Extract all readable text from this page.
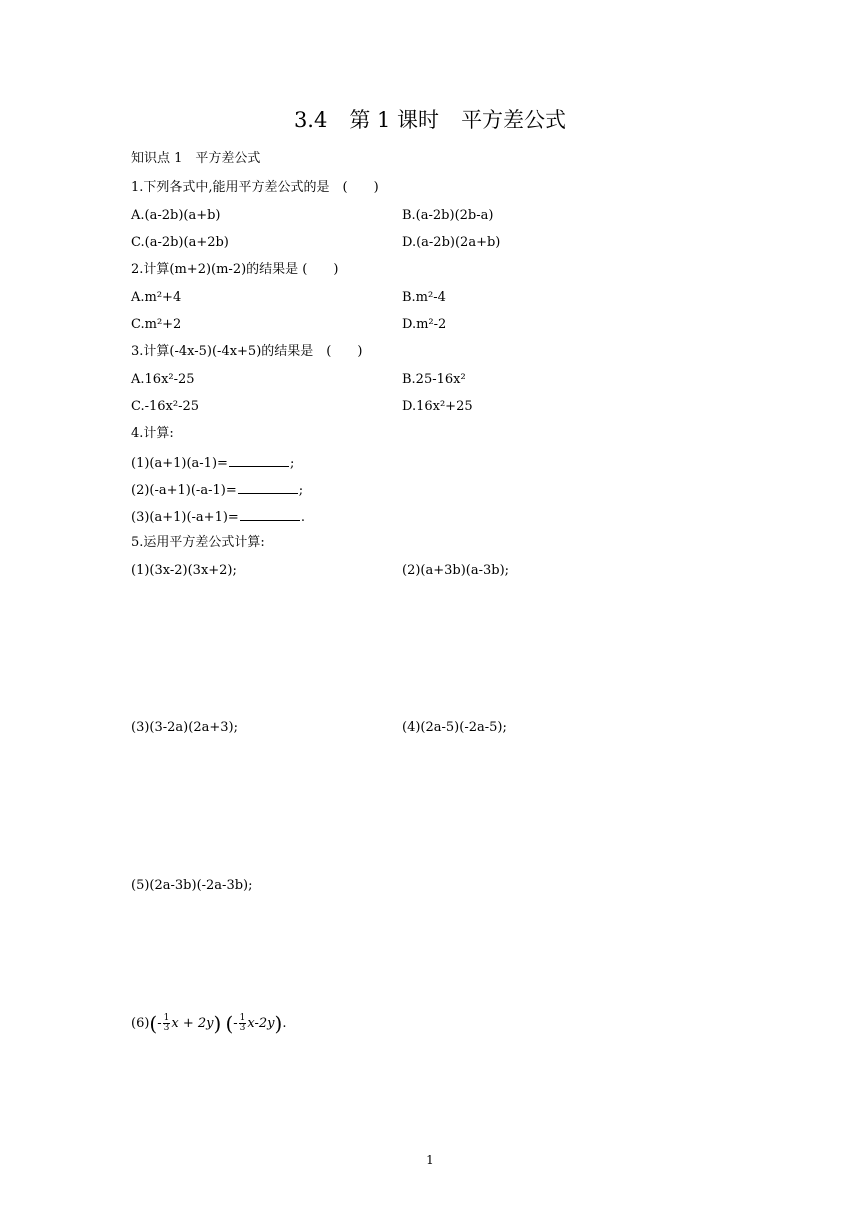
3.4 第 1 课时 平方差公式
知识点 1　平方差公式
1.下列各式中,能用平方差公式的是　(　　)
A.(a-2b)(a+b)	B.(a-2b)(2b-a)
C.(a-2b)(a+2b)	D.(a-2b)(2a+b)
2.计算(m+2)(m-2)的结果是 (　　)
A.m²+4	B.m²-4
C.m²+2	D.m²-2
3.计算(-4x-5)(-4x+5)的结果是　(　　)
A.16x²-25	B.25-16x²
C.-16x²-25	D.16x²+25
4.计算:
(1)(a+1)(a-1)=	;
(2)(-a+1)(-a-1)=	;
(3)(a+1)(-a+1)=	.
5.运用平方差公式计算:
(1)(3x-2)(3x+2);	(2)(a+3b)(a-3b);
(3)(3-2a)(2a+3);	(4)(2a-5)(-2a-5);
(5)(2a-3b)(-2a-3b);
$(6)(- \frac{1}{3}$ x + 2y) (- $\frac{1}{3} x-2y$).
1
